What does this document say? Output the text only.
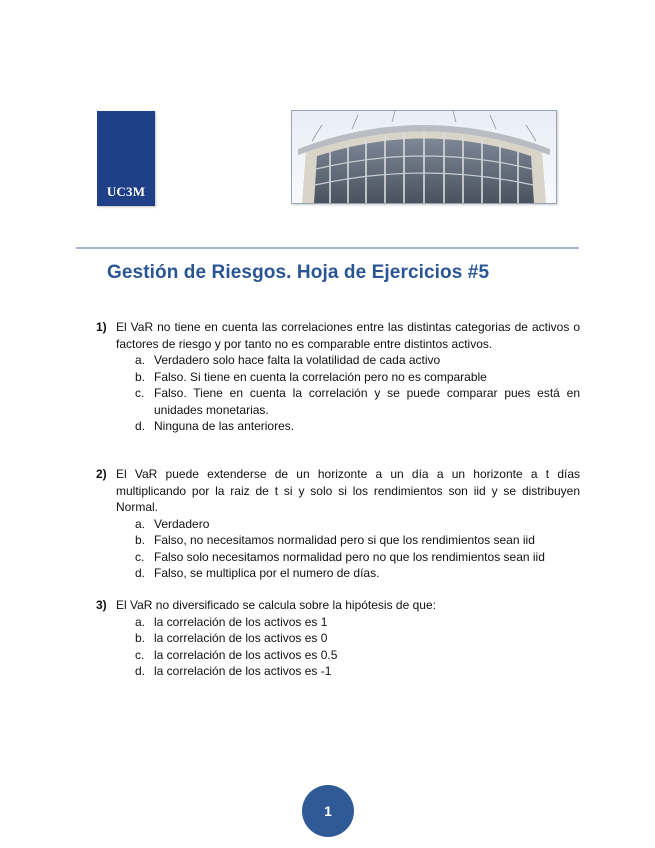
UC3M
Gestión de Riesgos. Hoja de Ejercicios #5
1) El VaR no tiene en cuenta las correlaciones entre las distintas categorias de activos o factores de riesgo y por tanto no es comparable entre distintos activos.
a. Verdadero solo hace falta la volatilidad de cada activo
b. Falso. Si tiene en cuenta la correlación pero no es comparable
c. Falso. Tiene en cuenta la correlación y se puede comparar pues está en unidades monetarias.
d. Ninguna de las anteriores.
2) El VaR puede extenderse de un horizonte a un día a un horizonte a t días multiplicando por la raiz de t si y solo si los rendimientos son iid y se distribuyen Normal.
a. Verdadero
b. Falso, no necesitamos normalidad pero si que los rendimientos sean iid
c. Falso solo necesitamos normalidad pero no que los rendimientos sean iid
d. Falso, se multiplica por el numero de días.
3) El VaR no diversificado se calcula sobre la hipótesis de que:
a. la correlación de los activos es 1
b. la correlación de los activos es 0
c. la correlación de los activos es 0.5
d. la correlación de los activos es -1
1
